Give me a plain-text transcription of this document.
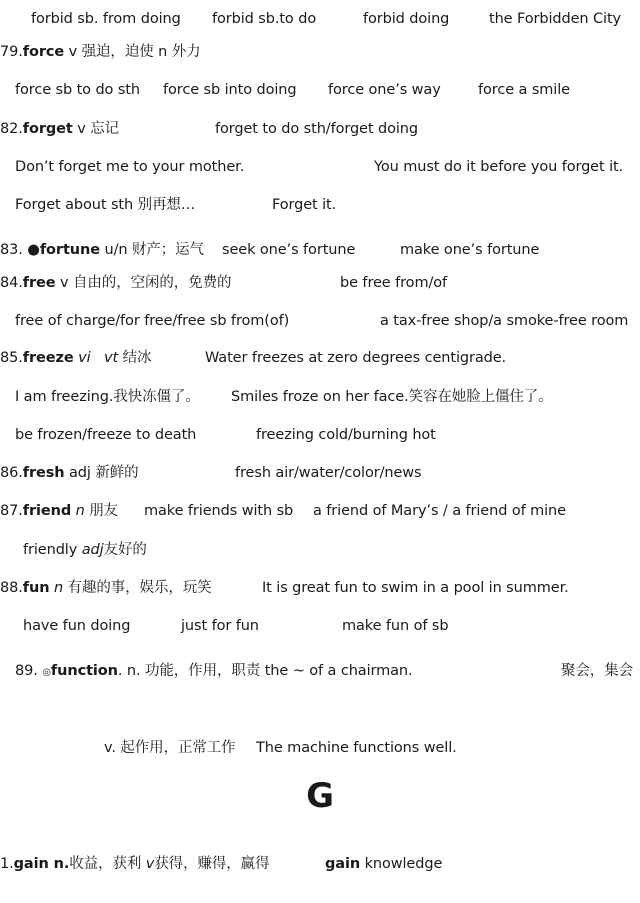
forbid sb. from doing forbid sb.to do	forbid doing	the Forbidden City
79.force v 强迫，迫使 n 外力
force sb to do sth force sb into doing force one’s way	force a smile
82.forget v 忘记	forget to do sth/forget doing
Don’t forget me to your mother.	You must do it before you forget it.
Forget about sth 别再想…	Forget it.
83. ●fortune u/n 财产；运气 seek one’s fortune	make one’s fortune
84.free v 自由的，空闲的，免费的	be free from/of
free of charge/for free/free sb from(of)	a tax-free shop/a smoke-free room
85.freeze vi vt 结冰	Water freezes at zero degrees centigrade.
I am freezing.我快冻僵了。 Smiles froze on her face.笑容在她脸上僵住了。
be frozen/freeze to death	freezing cold/burning hot
86.fresh adj 新鲜的	fresh air/water/color/news
87.friend n 朋友 make friends with sb a friend of Mary’s / a friend of mine
friendly adj友好的
88.fun n 有趣的事，娱乐，玩笑	It is great fun to swim in a pool in summer.
have fun doing	just for fun	make fun of sb
89. ◎function. n. 功能，作用，职责 the ~ of a chairman.	聚会，集会
v. 起作用，正常工作 The machine functions well.
G
1.gain n.收益，获利 v获得，赚得，赢得	gain knowledge
